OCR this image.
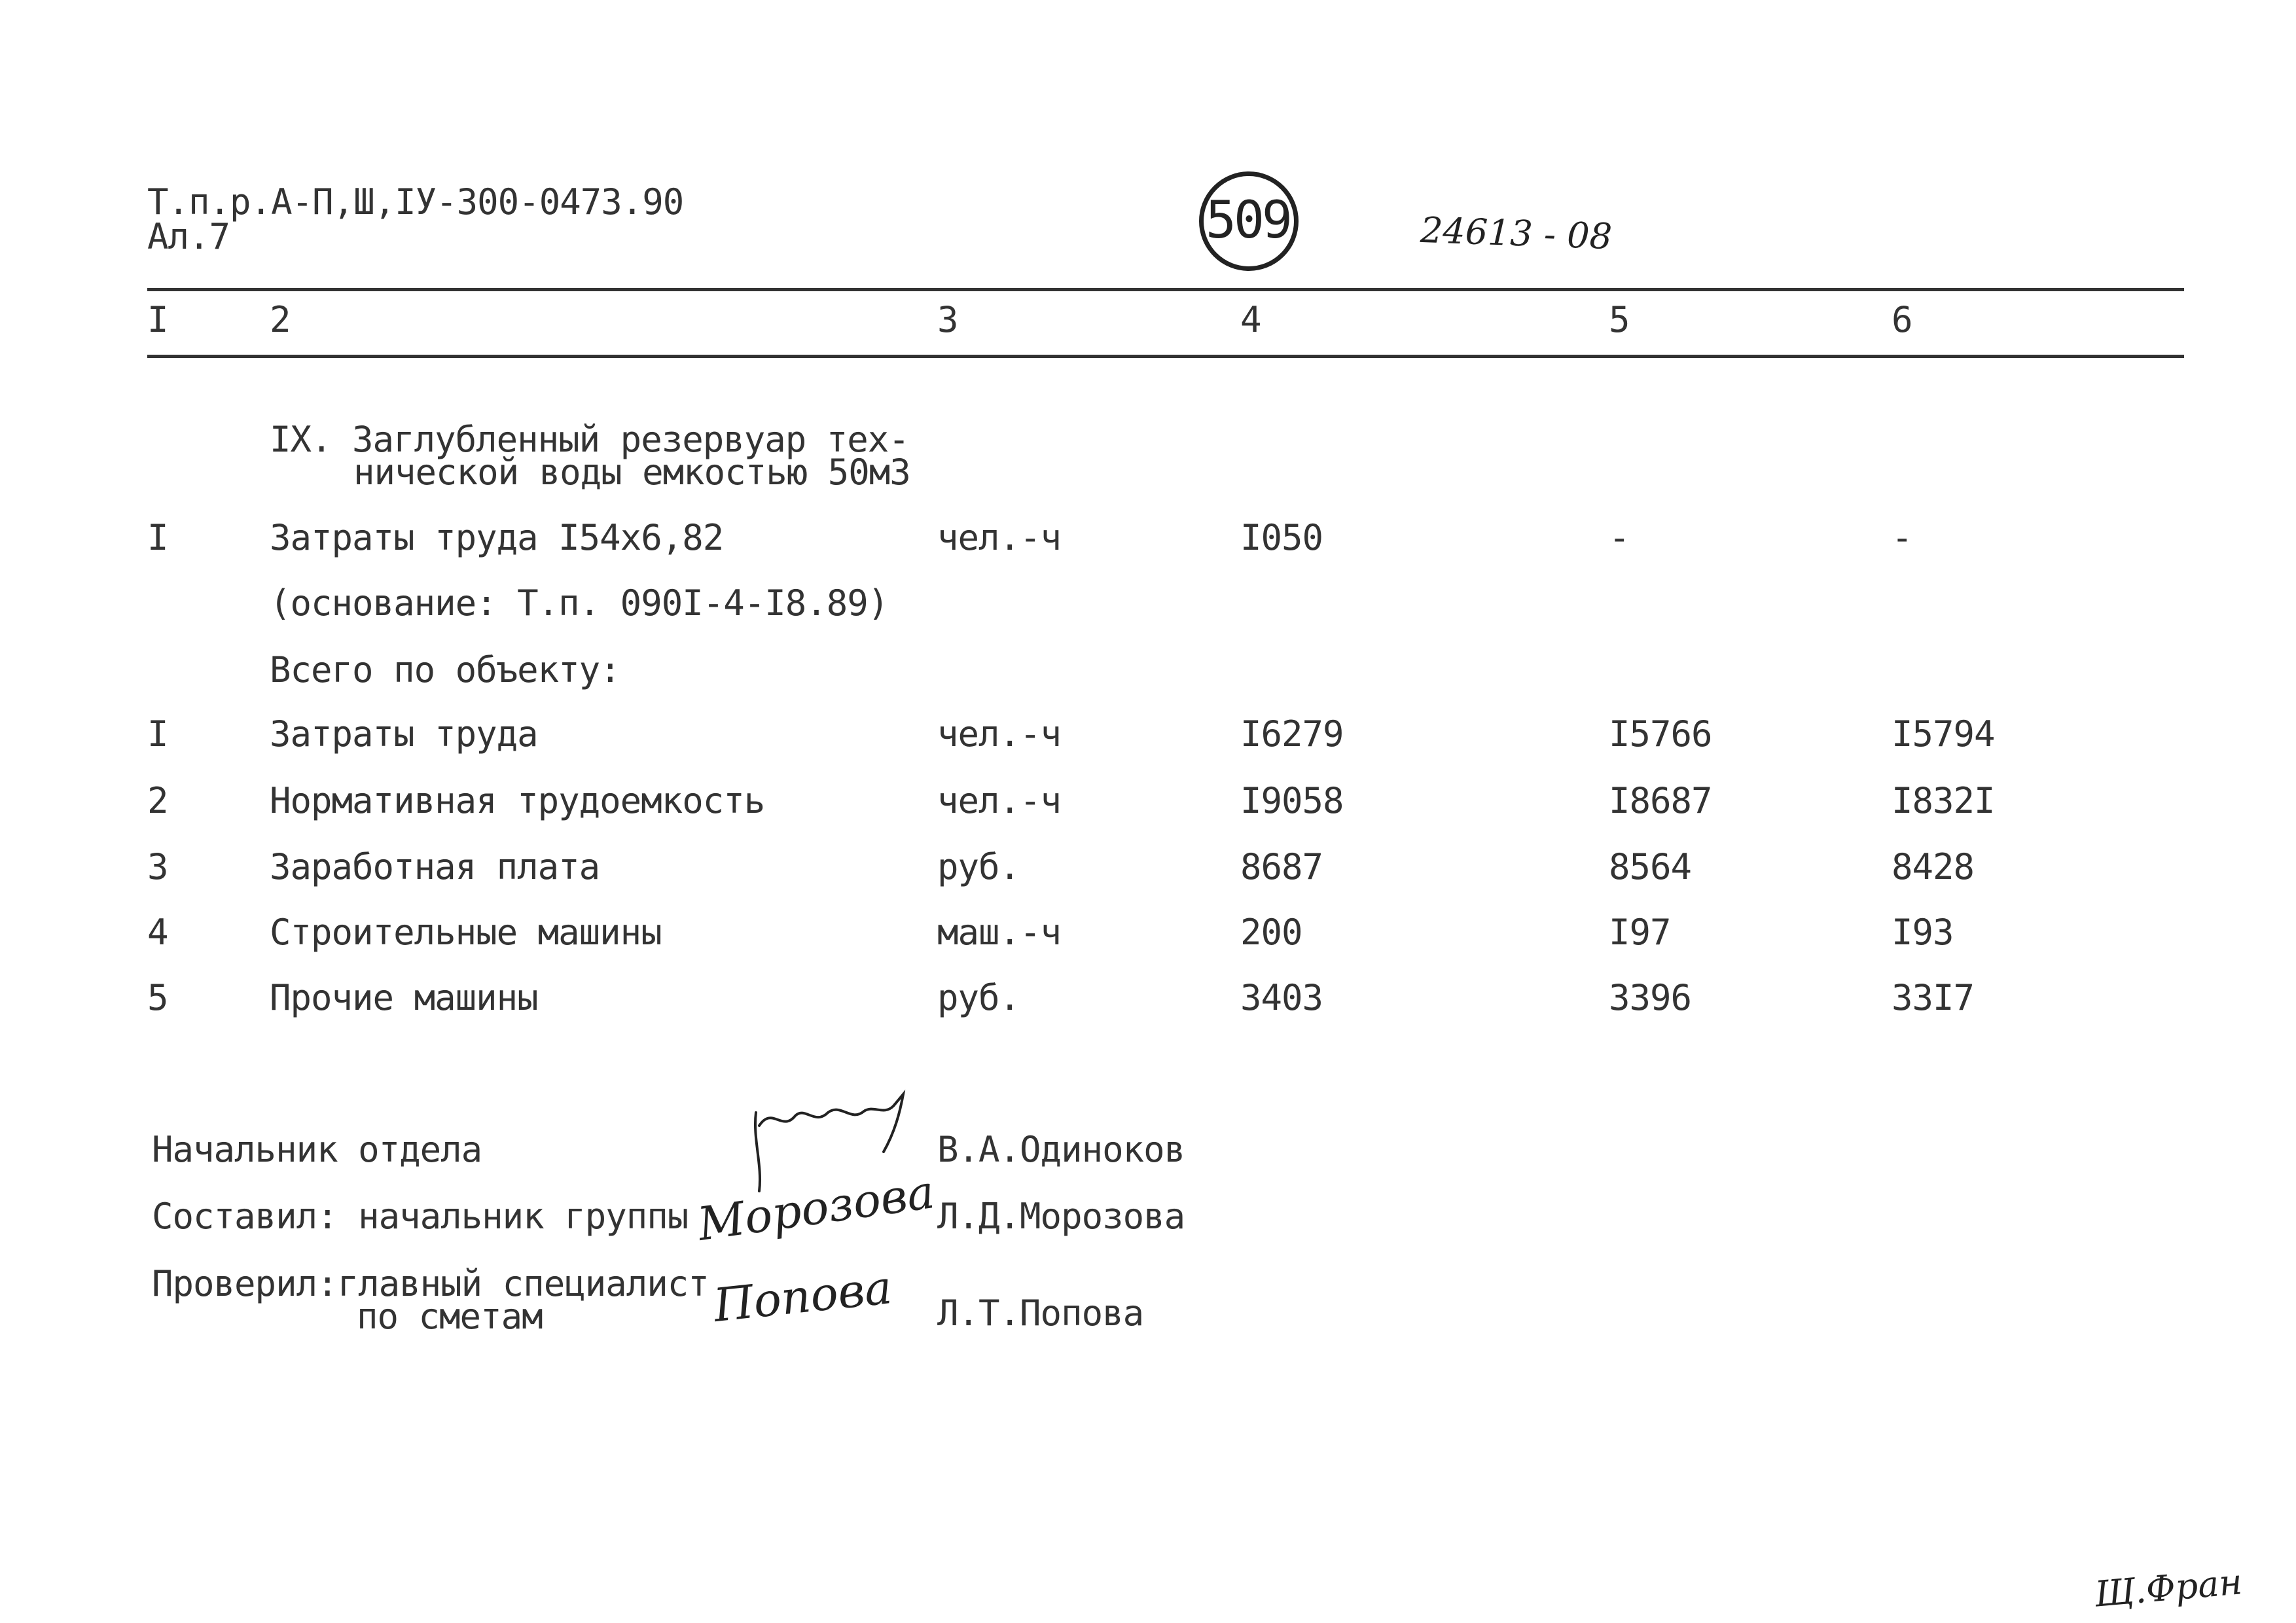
Т.п.р.А-П,Ш,IУ-300-0473.90
Ал.7	509	24613 - 08
I	2	3	4	5	6
IX. Заглубленный резервуар тех-
нической воды емкостью 50м3
I	Затраты труда I54х6,82	чел.-ч	I050	-	-
(основание: Т.п. 090I-4-I8.89)
Всего по объекту:
I	Затраты труда	чел.-ч	I6279	I5766	I5794
2	Нормативная трудоемкость	чел.-ч	I9058	I8687	I832I
3	Заработная плата	руб.	8687	8564	8428
4	Строительные машины	маш.-ч	200	I97	I93
5	Прочие машины	руб.	3403	3396	33I7
Начальник отдела	В.А.Одиноков
Составил: начальник группы Морозова Л.Д.Морозова
Проверил:главный специалист
по сметам	Попова Л.Т.Попова
Щ.Фран
